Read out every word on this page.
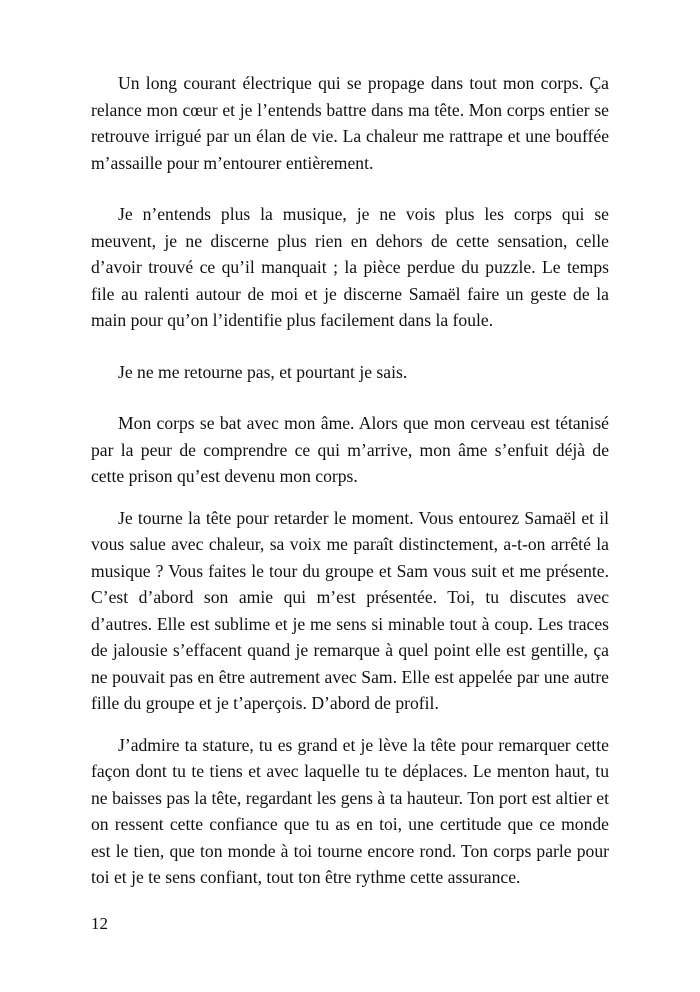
Un long courant électrique qui se propage dans tout mon corps. Ça relance mon cœur et je l’entends battre dans ma tête. Mon corps entier se retrouve irrigué par un élan de vie. La chaleur me rattrape et une bouffée m’assaille pour m’entourer entièrement.

Je n’entends plus la musique, je ne vois plus les corps qui se meuvent, je ne discerne plus rien en dehors de cette sensation, celle d’avoir trouvé ce qu’il manquait ; la pièce perdue du puzzle. Le temps file au ralenti autour de moi et je discerne Samaël faire un geste de la main pour qu’on l’identifie plus facilement dans la foule.

Je ne me retourne pas, et pourtant je sais.

Mon corps se bat avec mon âme. Alors que mon cerveau est tétanisé par la peur de comprendre ce qui m’arrive, mon âme s’enfuit déjà de cette prison qu’est devenu mon corps.

Je tourne la tête pour retarder le moment. Vous entourez Samaël et il vous salue avec chaleur, sa voix me paraît distinctement, a-t-on arrêté la musique ? Vous faites le tour du groupe et Sam vous suit et me présente. C’est d’abord son amie qui m’est présentée. Toi, tu discutes avec d’autres. Elle est sublime et je me sens si minable tout à coup. Les traces de jalousie s’effacent quand je remarque à quel point elle est gentille, ça ne pouvait pas en être autrement avec Sam. Elle est appelée par une autre fille du groupe et je t’aperçois. D’abord de profil.

J’admire ta stature, tu es grand et je lève la tête pour remarquer cette façon dont tu te tiens et avec laquelle tu te déplaces. Le menton haut, tu ne baisses pas la tête, regardant les gens à ta hauteur. Ton port est altier et on ressent cette confiance que tu as en toi, une certitude que ce monde est le tien, que ton monde à toi tourne encore rond. Ton corps parle pour toi et je te sens confiant, tout ton être rythme cette assurance.

12
